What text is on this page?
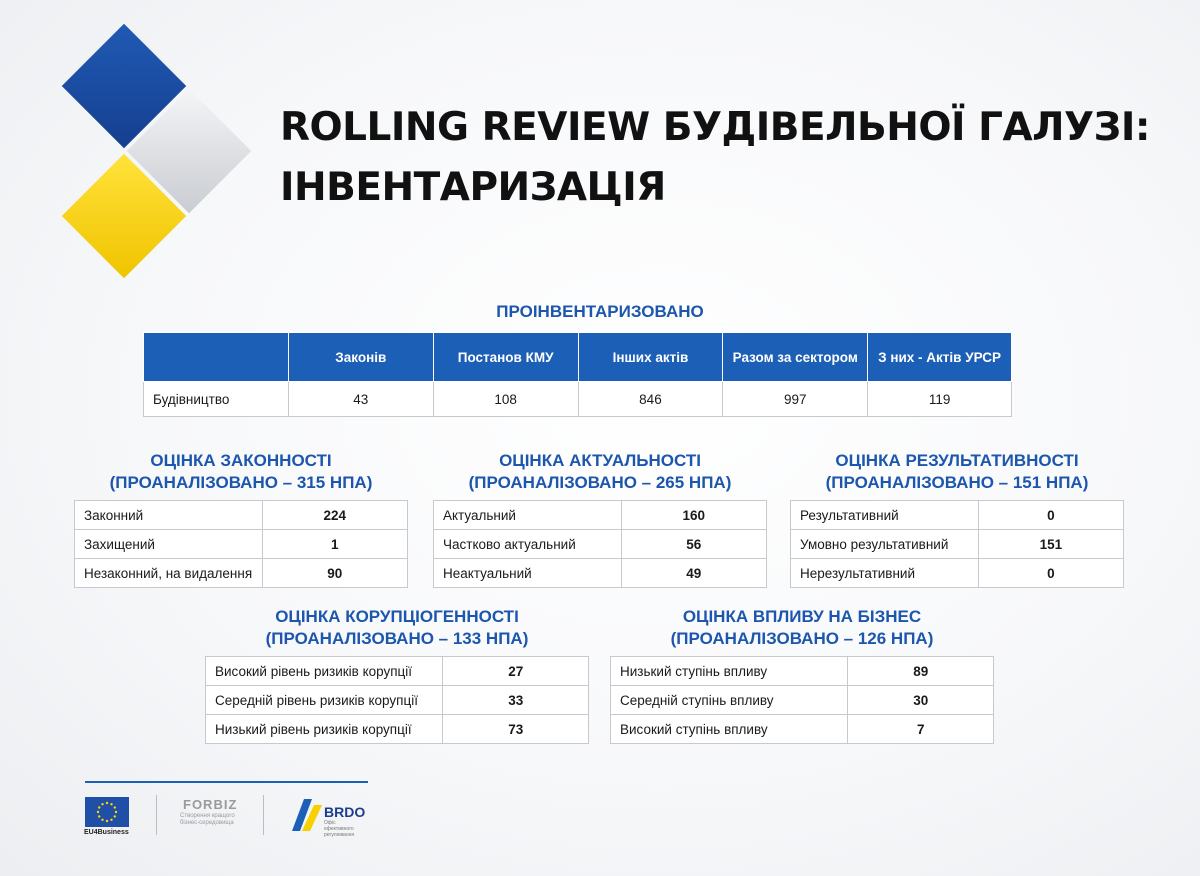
ROLLING REVIEW БУДІВЕЛЬНОЇ ГАЛУЗІ:
ІНВЕНТАРИЗАЦІЯ

ПРОІНВЕНТАРИЗОВАНО

	Законів	Постанов КМУ	Інших актів	Разом за сектором	З них - Актів УРСР
Будівництво	43	108	846	997	119
ОЦІНКА ЗАКОННОСТІ
(ПРОАНАЛІЗОВАНО – 315 НПА)
Законний	224
Захищений	1
Незаконний, на видалення	90
ОЦІНКА АКТУАЛЬНОСТІ
(ПРОАНАЛІЗОВАНО – 265 НПА)
Актуальний	160
Частково актуальний	56
Неактуальний	49
ОЦІНКА РЕЗУЛЬТАТИВНОСТІ
(ПРОАНАЛІЗОВАНО – 151 НПА)
Результативний	0
Умовно результативний	151
Нерезультативний	0
ОЦІНКА КОРУПЦІОГЕННОСТІ
(ПРОАНАЛІЗОВАНО – 133 НПА)
Високий рівень ризиків корупції	27
Середній рівень ризиків корупції	33
Низький рівень ризиків корупції	73
ОЦІНКА ВПЛИВУ НА БІЗНЕС
(ПРОАНАЛІЗОВАНО – 126 НПА)
Низький ступінь впливу	89
Середній ступінь впливу	30
Високий ступінь впливу	7
EU4Business
FORBIZ
Створення кращого бізнес-середовища
BRDO
Офіс ефективного регулювання
